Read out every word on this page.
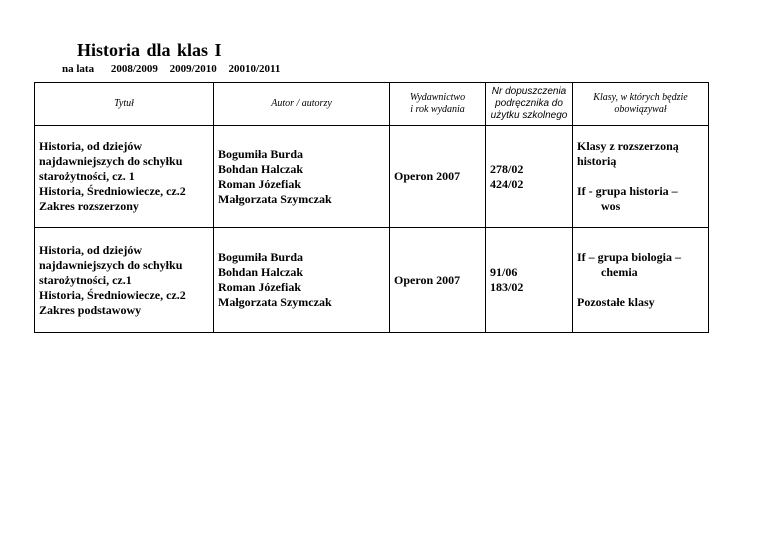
Historia dla klas I
na lata 2008/2009 2009/2010 20010/2011
Tytuł	Autor / autorzy	Wydawnictwo
i rok wydania	Nr dopuszczenia
podręcznika do
użytku szkolnego	Klasy, w których będzie
obowiązywał

Historia, od dziejów
najdawniejszych do schyłku
starożytności, cz. 1
Historia, Średniowiecze, cz.2
Zakres rozszerzony	Bogumiła Burda
Bohdan Halczak
Roman Józefiak
Małgorzata Szymczak	Operon 2007	278/02
424/02	Klasy z rozszerzoną
historią
If - grupa historia –
wos

Historia, od dziejów
najdawniejszych do schyłku
starożytności, cz.1
Historia, Średniowiecze, cz.2
Zakres podstawowy	Bogumiła Burda
Bohdan Halczak
Roman Józefiak
Małgorzata Szymczak	Operon 2007	91/06
183/02	If – grupa biologia –
chemia
Pozostałe klasy
